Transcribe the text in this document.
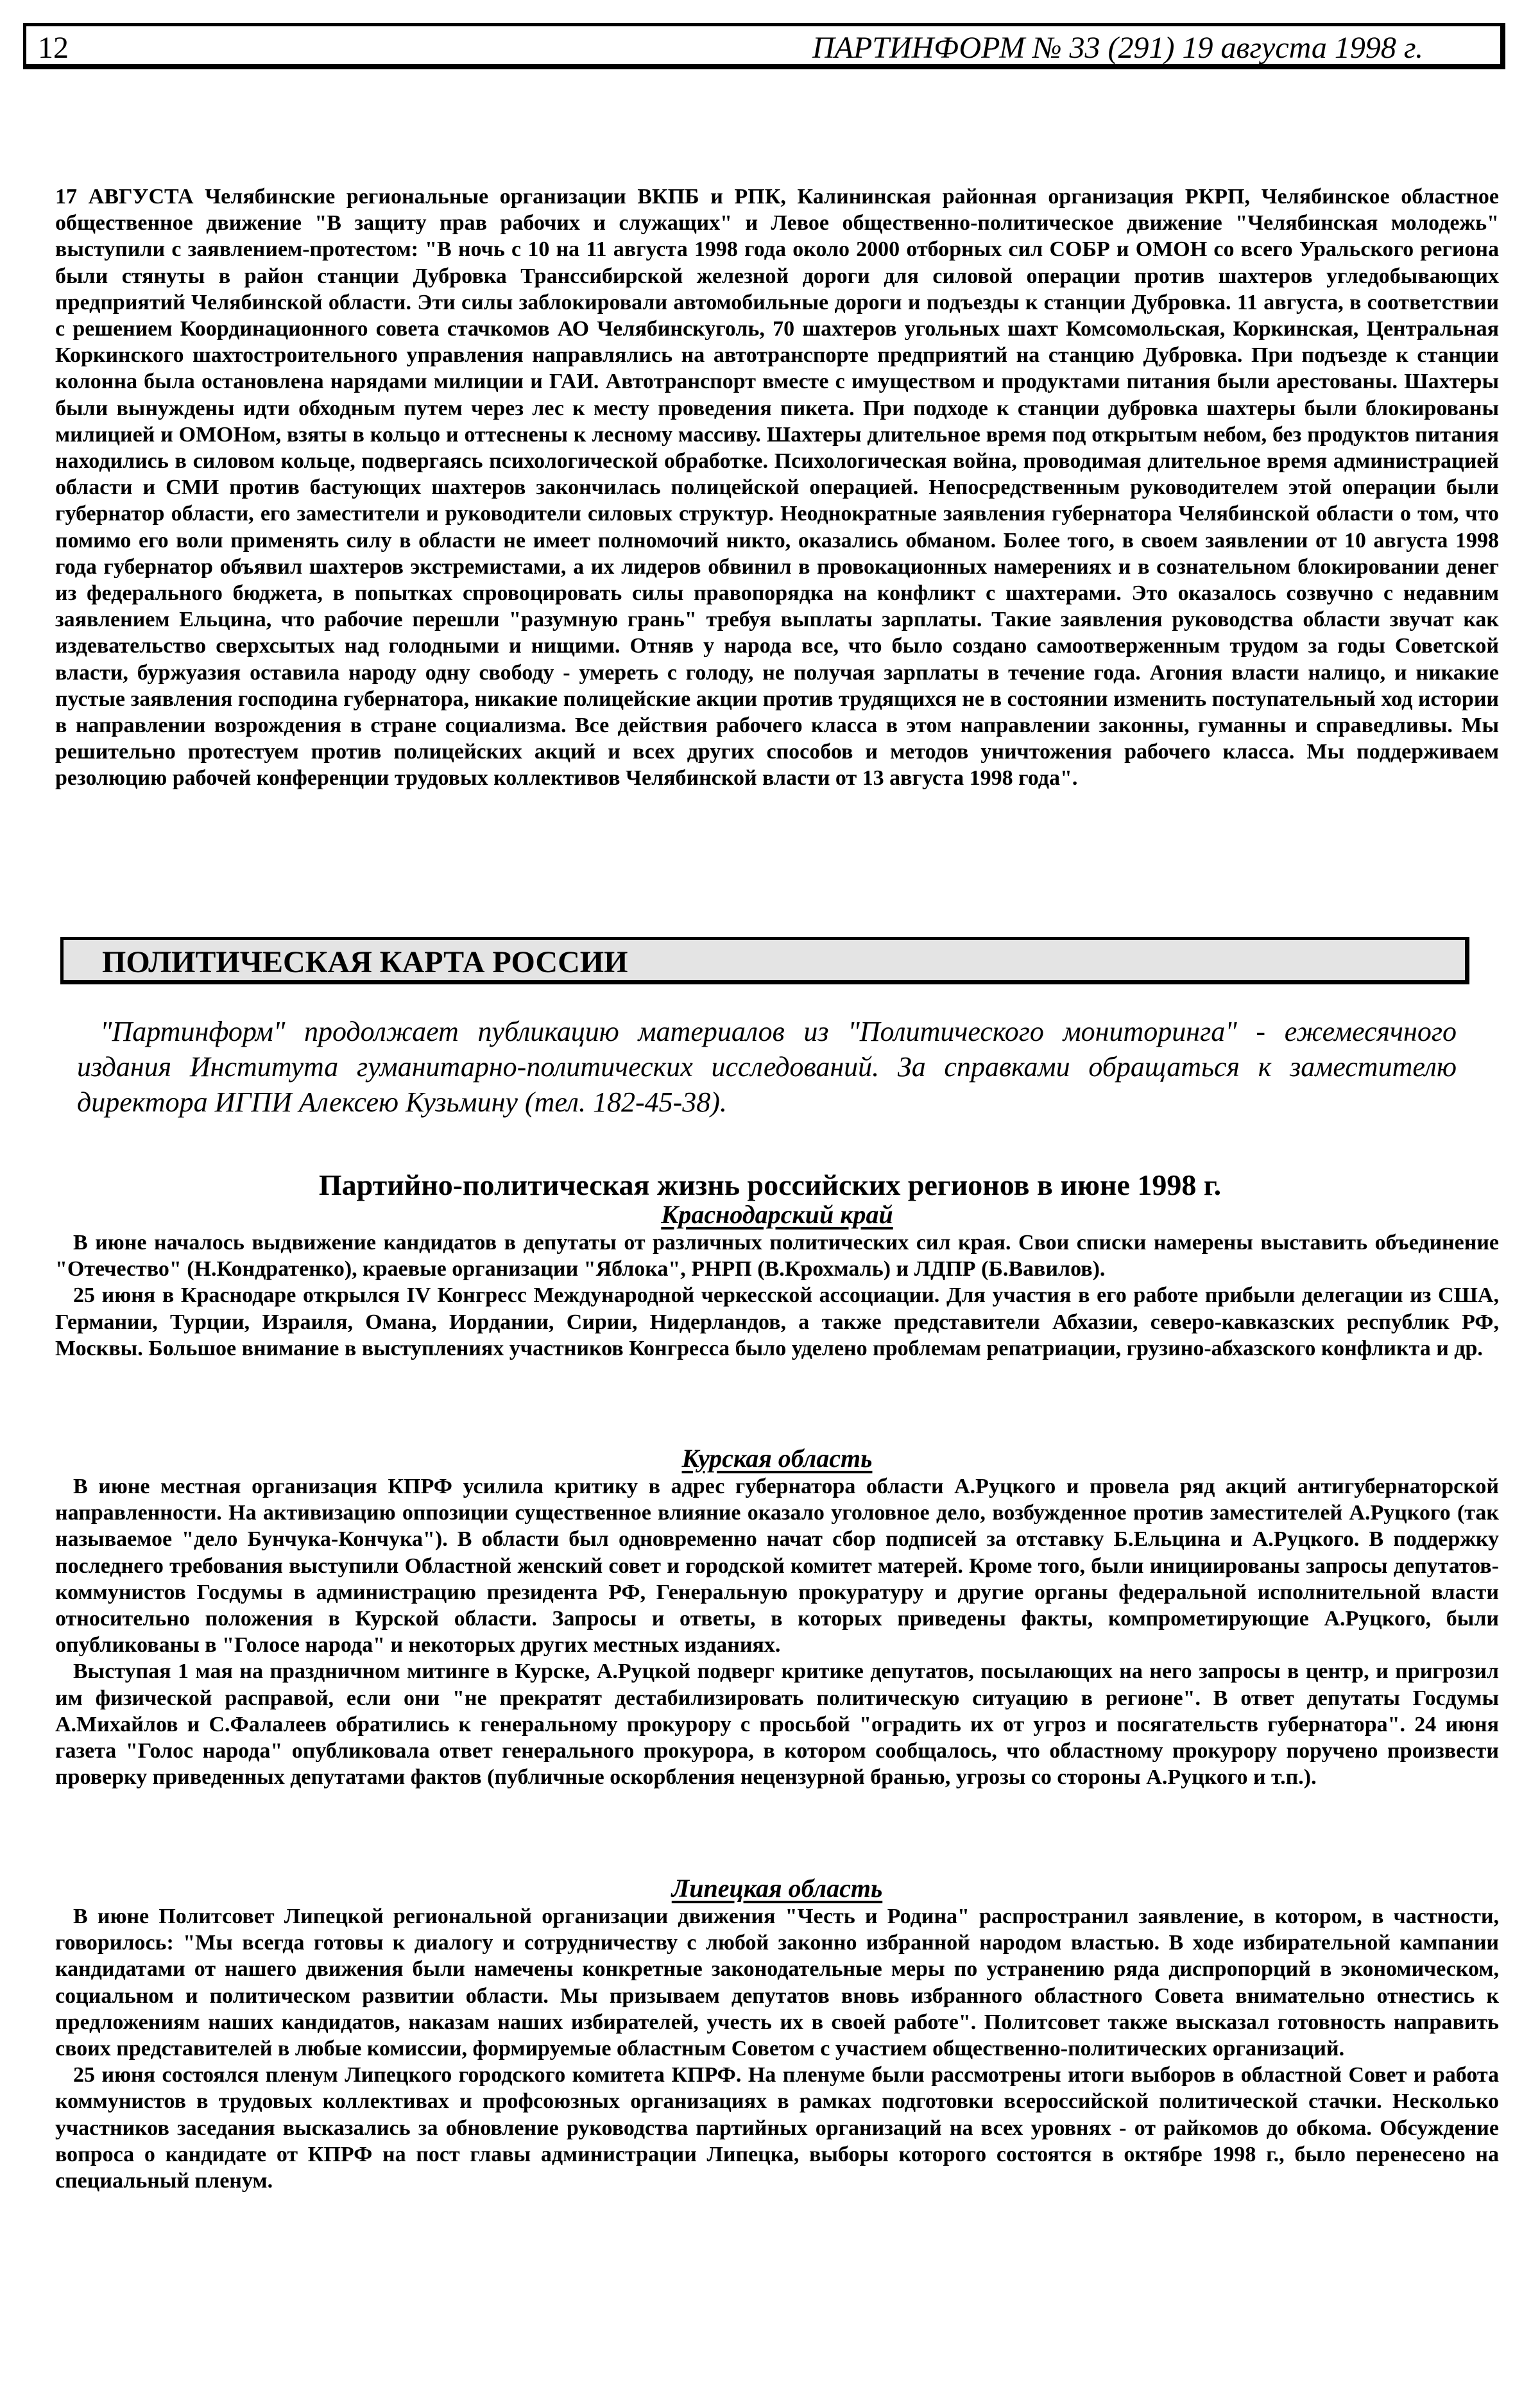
12	ПАРТИНФОРМ № 33 (291) 19 августа 1998 г.

17 АВГУСТА Челябинские региональные организации ВКПБ и РПК, Калининская районная организация РКРП, Челябинское областное общественное движение "В защиту прав рабочих и служащих" и Левое общественно-политическое движение "Челябинская молодежь" выступили с заявлением-протестом: "В ночь с 10 на 11 августа 1998 года около 2000 отборных сил СОБР и ОМОН со всего Уральского региона были стянуты в район станции Дубровка Транссибирской железной дороги для силовой операции против шахтеров угледобывающих предприятий Челябинской области. Эти силы заблокировали автомобильные дороги и подъезды к станции Дубровка. 11 августа, в соответствии с решением Координационного совета стачкомов АО Челябинскуголь, 70 шахтеров угольных шахт Комсомольская, Коркинская, Центральная Коркинского шахтостроительного управления направлялись на автотранспорте предприятий на станцию Дубровка. При подъезде к станции колонна была остановлена нарядами милиции и ГАИ. Автотранспорт вместе с имуществом и продуктами питания были арестованы. Шахтеры были вынуждены идти обходным путем через лес к месту проведения пикета. При подходе к станции дубровка шахтеры были блокированы милицией и ОМОНом, взяты в кольцо и оттеснены к лесному массиву. Шахтеры длительное время под открытым небом, без продуктов питания находились в силовом кольце, подвергаясь психологической обработке. Психологическая война, проводимая длительное время администрацией области и СМИ против бастующих шахтеров закончилась полицейской операцией. Непосредственным руководителем этой операции были губернатор области, его заместители и руководители силовых структур. Неоднократные заявления губернатора Челябинской области о том, что помимо его воли применять силу в области не имеет полномочий никто, оказались обманом. Более того, в своем заявлении от 10 августа 1998 года губернатор объявил шахтеров экстремистами, а их лидеров обвинил в провокационных намерениях и в сознательном блокировании денег из федерального бюджета, в попытках спровоцировать силы правопорядка на конфликт с шахтерами. Это оказалось созвучно с недавним заявлением Ельцина, что рабочие перешли "разумную грань" требуя выплаты зарплаты. Такие заявления руководства области звучат как издевательство сверхсытых над голодными и нищими. Отняв у народа все, что было создано самоотверженным трудом за годы Советской власти, буржуазия оставила народу одну свободу - умереть с голоду, не получая зарплаты в течение года. Агония власти налицо, и никакие пустые заявления господина губернатора, никакие полицейские акции против трудящихся не в состоянии изменить поступательный ход истории в направлении возрождения в стране социализма. Все действия рабочего класса в этом направлении законны, гуманны и справедливы. Мы решительно протестуем против полицейских акций и всех других способов и методов уничтожения рабочего класса. Мы поддерживаем резолюцию рабочей конференции трудовых коллективов Челябинской власти от 13 августа 1998 года".

ПОЛИТИЧЕСКАЯ КАРТА РОССИИ

"Партинформ" продолжает публикацию материалов из "Политического мониторинга" - ежемесячного издания Института гуманитарно-политических исследований. За справками обращаться к заместителю директора ИГПИ Алексею Кузьмину (тел. 182-45-38).

Партийно-политическая жизнь российских регионов в июне 1998 г.
Краснодарский край

В июне началось выдвижение кандидатов в депутаты от различных политических сил края. Свои списки намерены выставить объединение "Отечество" (Н.Кондратенко), краевые организации "Яблока", РНРП (В.Крохмаль) и ЛДПР (Б.Вавилов).

25 июня в Краснодаре открылся IV Конгресс Международной черкесской ассоциации. Для участия в его работе прибыли делегации из США, Германии, Турции, Израиля, Омана, Иордании, Сирии, Нидерландов, а также представители Абхазии, северо-кавказских республик РФ, Москвы. Большое внимание в выступлениях участников Конгресса было уделено проблемам репатриации, грузино-абхазского конфликта и др.

Курская область

В июне местная организация КПРФ усилила критику в адрес губернатора области А.Руцкого и провела ряд акций антигубернаторской направленности. На активизацию оппозиции существенное влияние оказало уголовное дело, возбужденное против заместителей А.Руцкого (так называемое "дело Бунчука-Кончука"). В области был одновременно начат сбор подписей за отставку Б.Ельцина и А.Руцкого. В поддержку последнего требования выступили Областной женский совет и городской комитет матерей. Кроме того, были инициированы запросы депутатов-коммунистов Госдумы в администрацию президента РФ, Генеральную прокуратуру и другие органы федеральной исполнительной власти относительно положения в Курской области. Запросы и ответы, в которых приведены факты, компрометирующие А.Руцкого, были опубликованы в "Голосе народа" и некоторых других местных изданиях.

Выступая 1 мая на праздничном митинге в Курске, А.Руцкой подверг критике депутатов, посылающих на него запросы в центр, и пригрозил им физической расправой, если они "не прекратят дестабилизировать политическую ситуацию в регионе". В ответ депутаты Госдумы А.Михайлов и С.Фалалеев обратились к генеральному прокурору с просьбой "оградить их от угроз и посягательств губернатора". 24 июня газета "Голос народа" опубликовала ответ генерального прокурора, в котором сообщалось, что областному прокурору поручено произвести проверку приведенных депутатами фактов (публичные оскорбления нецензурной бранью, угрозы со стороны А.Руцкого и т.п.).

Липецкая область

В июне Политсовет Липецкой региональной организации движения "Честь и Родина" распространил заявление, в котором, в частности, говорилось: "Мы всегда готовы к диалогу и сотрудничеству с любой законно избранной народом властью. В ходе избирательной кампании кандидатами от нашего движения были намечены конкретные законодательные меры по устранению ряда диспропорций в экономическом, социальном и политическом развитии области. Мы призываем депутатов вновь избранного областного Совета внимательно отнестись к предложениям наших кандидатов, наказам наших избирателей, учесть их в своей работе". Политсовет также высказал готовность направить своих представителей в любые комиссии, формируемые областным Советом с участием общественно-политических организаций.

25 июня состоялся пленум Липецкого городского комитета КПРФ. На пленуме были рассмотрены итоги выборов в областной Совет и работа коммунистов в трудовых коллективах и профсоюзных организациях в рамках подготовки всероссийской политической стачки. Несколько участников заседания высказались за обновление руководства партийных организаций на всех уровнях - от райкомов до обкома. Обсуждение вопроса о кандидате от КПРФ на пост главы администрации Липецка, выборы которого состоятся в октябре 1998 г., было перенесено на специальный пленум.
